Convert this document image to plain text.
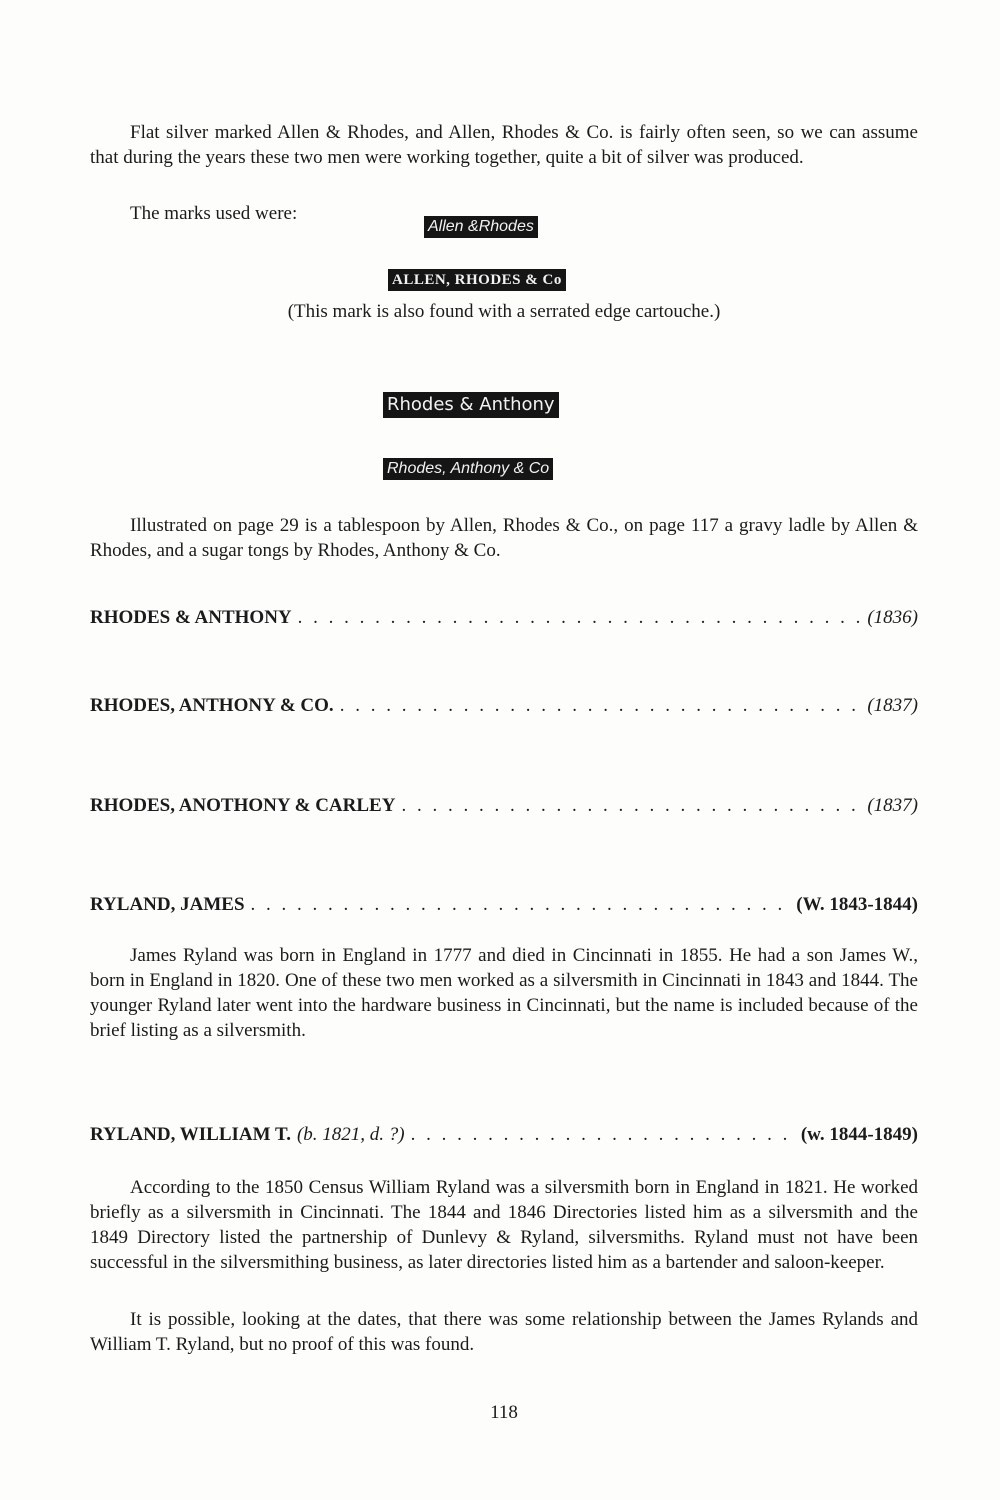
Flat silver marked Allen & Rhodes, and Allen, Rhodes & Co. is fairly often seen, so we can assume that during the years these two men were working together, quite a bit of silver was produced.

The marks used were:
Allen &Rhodes
ALLEN, RHODES & Co
(This mark is also found with a serrated edge cartouche.)
Rhodes & Anthony
Rhodes, Anthony & Co

Illustrated on page 29 is a tablespoon by Allen, Rhodes & Co., on page 117 a gravy ladle by Allen & Rhodes, and a sugar tongs by Rhodes, Anthony & Co.

RHODES & ANTHONY . . .	(1836)
RHODES, ANTHONY & CO. . . .	(1837)
RHODES, ANOTHONY & CARLEY . . .	(1837)
RYLAND, JAMES . . .	(W. 1843-1844)

James Ryland was born in England in 1777 and died in Cincinnati in 1855. He had a son James W., born in England in 1820. One of these two men worked as a silversmith in Cincinnati in 1843 and 1844. The younger Ryland later went into the hardware business in Cincinnati, but the name is included because of the brief listing as a silversmith.

RYLAND, WILLIAM T. (b. 1821, d. ?) . . .	(w. 1844-1849)

According to the 1850 Census William Ryland was a silversmith born in England in 1821. He worked briefly as a silversmith in Cincinnati. The 1844 and 1846 Directories listed him as a silversmith and the 1849 Directory listed the partnership of Dunlevy & Ryland, silversmiths. Ryland must not have been successful in the silversmithing business, as later directories listed him as a bartender and saloon-keeper.

It is possible, looking at the dates, that there was some relationship between the James Rylands and William T. Ryland, but no proof of this was found.

118
